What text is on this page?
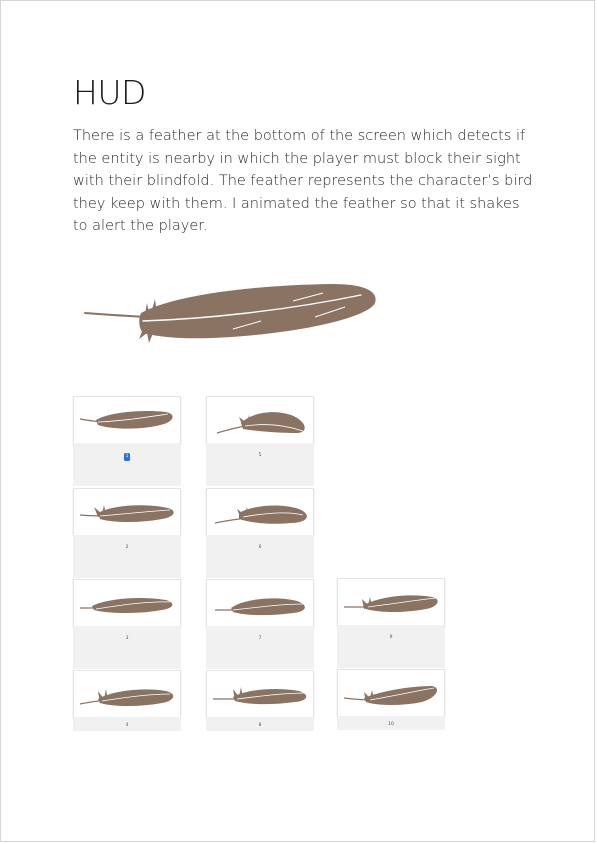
HUD

There is a feather at the bottom of the screen which detects if the entity is nearby in which the player must block their sight with their blindfold. The feather represents the character’s bird they keep with them. I animated the feather so that it shakes to alert the player.

1
2
3
4
5
6
7
8
9
10
